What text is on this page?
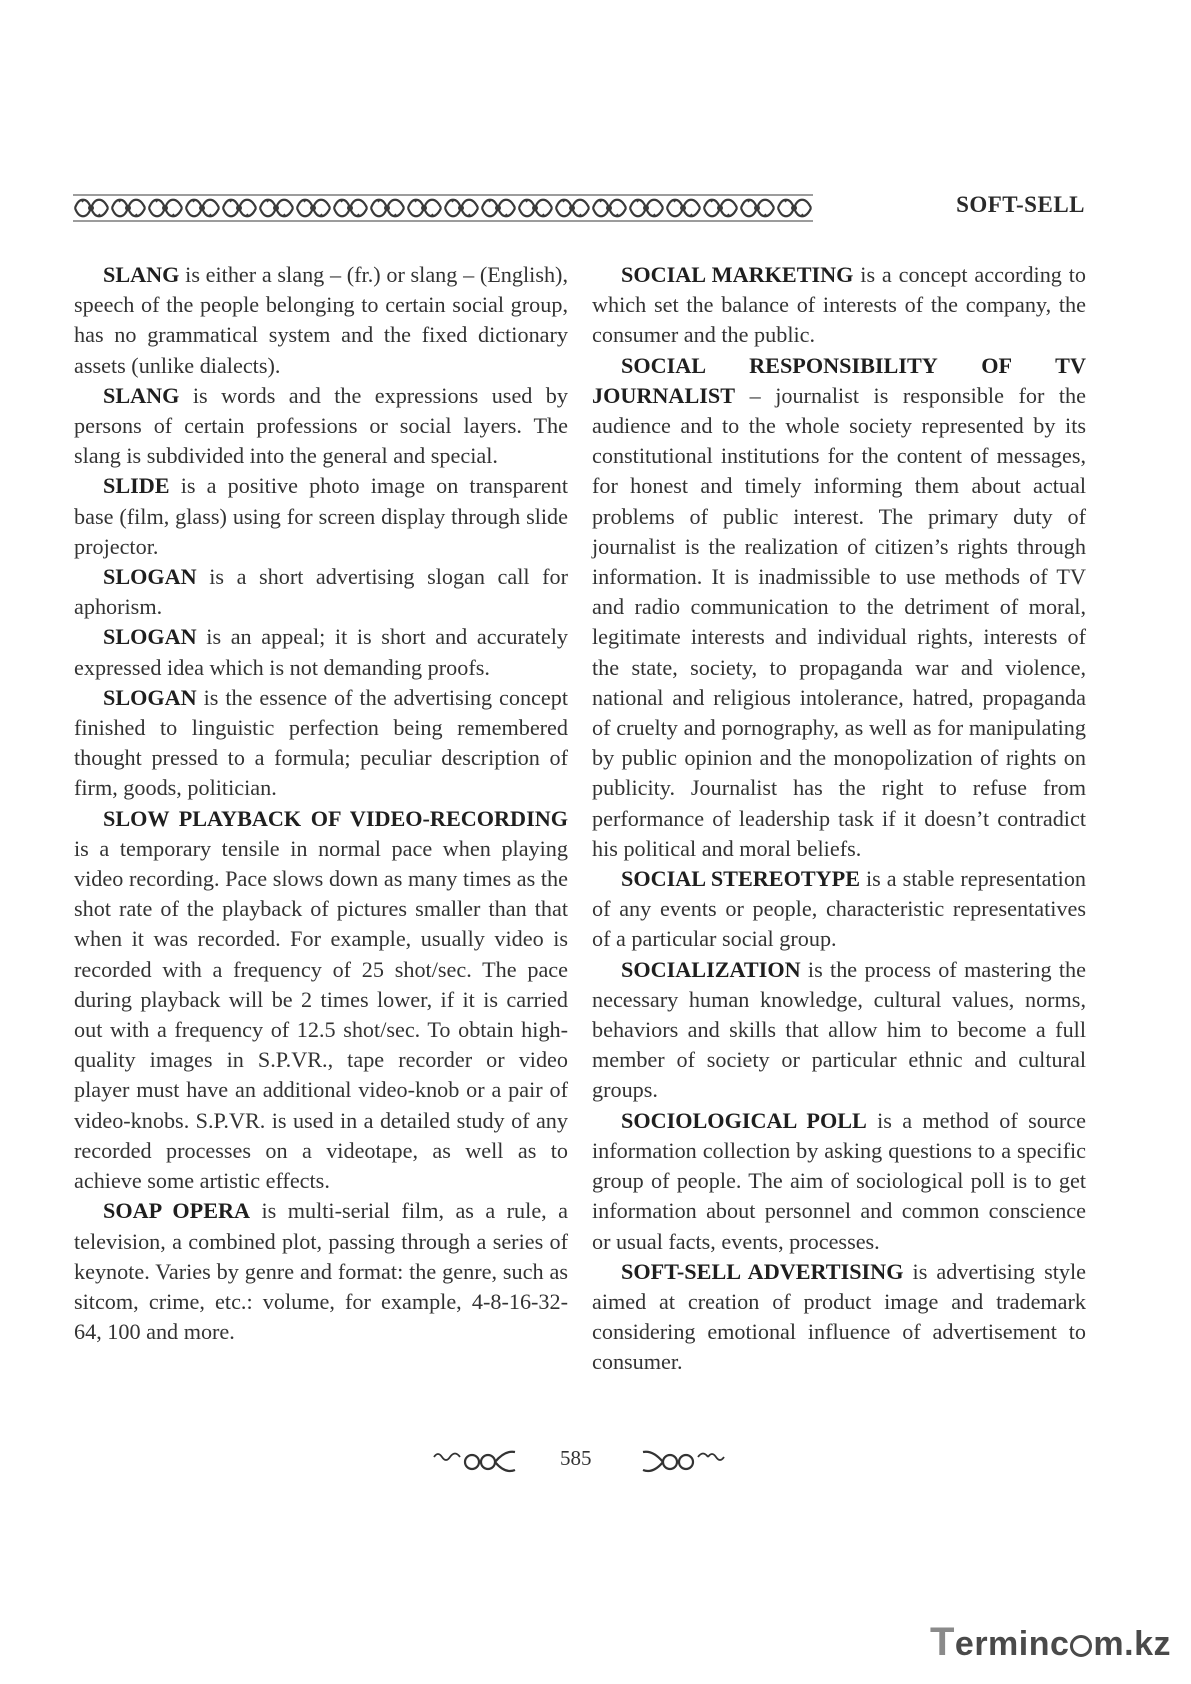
SOFT-SELL

SLANG is either a slang – (fr.) or slang – (English), speech of the people belonging to certain social group, has no grammatical system and the fixed dictionary assets (unlike dialects).

SLANG is words and the expressions used by persons of certain professions or social layers. The slang is subdivided into the general and special.

SLIDE is a positive photo image on transparent base (film, glass) using for screen display through slide projector.

SLOGAN is a short advertising slogan call for aphorism.

SLOGAN is an appeal; it is short and accurately expressed idea which is not demanding proofs.

SLOGAN is the essence of the advertising concept finished to linguistic perfection being remembered thought pressed to a formula; peculiar description of firm, goods, politician.

SLOW PLAYBACK OF VIDEO-RECORDING is a temporary tensile in normal pace when playing video recording. Pace slows down as many times as the shot rate of the playback of pictures smaller than that when it was recorded. For example, usually video is recorded with a frequency of 25 shot/sec. The pace during playback will be 2 times lower, if it is carried out with a frequency of 12.5 shot/sec. To obtain high-quality images in S.P.VR., tape recorder or video player must have an additional video-knob or a pair of video-knobs. S.P.VR. is used in a detailed study of any recorded processes on a videotape, as well as to achieve some artistic effects.

SOAP OPERA is multi-serial film, as a rule, a television, a combined plot, passing through a series of keynote. Varies by genre and format: the genre, such as sitcom, crime, etc.: volume, for example, 4-8-16-32-64, 100 and more.

SOCIAL MARKETING is a concept according to which set the balance of interests of the company, the consumer and the public.

SOCIAL RESPONSIBILITY OF TV JOURNALIST – journalist is responsible for the audience and to the whole society represented by its constitutional institutions for the content of messages, for honest and timely informing them about actual problems of public interest. The primary duty of journalist is the realization of citizen’s rights through information. It is inadmissible to use methods of TV and radio communication to the detriment of moral, legitimate interests and individual rights, interests of the state, society, to propaganda war and violence, national and religious intolerance, hatred, propaganda of cruelty and pornography, as well as for manipulating by public opinion and the monopolization of rights on publicity. Journalist has the right to refuse from performance of leadership task if it doesn’t contradict his political and moral beliefs.

SOCIAL STEREOTYPE is a stable representation of any events or people, characteristic representatives of a particular social group.

SOCIALIZATION is the process of mastering the necessary human knowledge, cultural values, norms, behaviors and skills that allow him to become a full member of society or particular ethnic and cultural groups.

SOCIOLOGICAL POLL is a method of source information collection by asking questions to a specific group of people. The aim of sociological poll is to get information about personnel and common conscience or usual facts, events, processes.

SOFT-SELL ADVERTISING is advertising style aimed at creation of product image and trademark considering emotional influence of advertisement to consumer.

585
Terminc m.kz
